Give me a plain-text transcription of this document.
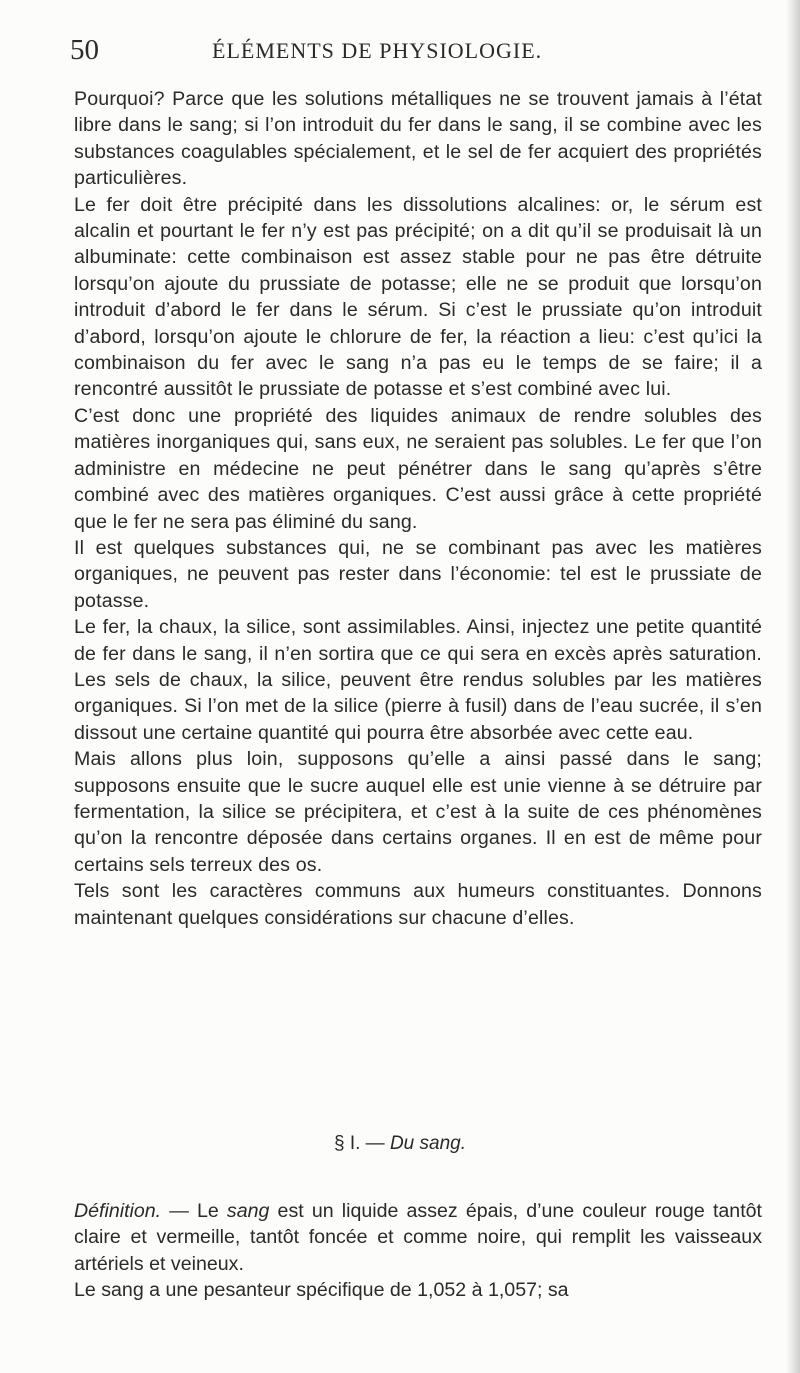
50	ÉLÉMENTS DE PHYSIOLOGIE.

Pourquoi? Parce que les solutions métalliques ne se trouvent jamais à l’état libre dans le sang; si l’on introduit du fer dans le sang, il se combine avec les substances coagulables spécialement, et le sel de fer acquiert des propriétés particulières.

Le fer doit être précipité dans les dissolutions alcalines: or, le sérum est alcalin et pourtant le fer n’y est pas précipité; on a dit qu’il se produisait là un albuminate: cette combinaison est assez stable pour ne pas être détruite lorsqu’on ajoute du prussiate de potasse; elle ne se produit que lorsqu’on introduit d’abord le fer dans le sérum. Si c’est le prussiate qu’on introduit d’abord, lorsqu’on ajoute le chlorure de fer, la réaction a lieu: c’est qu’ici la combinaison du fer avec le sang n’a pas eu le temps de se faire; il a rencontré aussitôt le prussiate de potasse et s’est combiné avec lui.

C’est donc une propriété des liquides animaux de rendre solubles des matières inorganiques qui, sans eux, ne seraient pas solubles. Le fer que l’on administre en médecine ne peut pénétrer dans le sang qu’après s’être combiné avec des matières organiques. C’est aussi grâce à cette propriété que le fer ne sera pas éliminé du sang.

Il est quelques substances qui, ne se combinant pas avec les matières organiques, ne peuvent pas rester dans l’économie: tel est le prussiate de potasse.

Le fer, la chaux, la silice, sont assimilables. Ainsi, injectez une petite quantité de fer dans le sang, il n’en sortira que ce qui sera en excès après saturation. Les sels de chaux, la silice, peuvent être rendus solubles par les matières organiques. Si l’on met de la silice (pierre à fusil) dans de l’eau sucrée, il s’en dissout une certaine quantité qui pourra être absorbée avec cette eau.

Mais allons plus loin, supposons qu’elle a ainsi passé dans le sang; supposons ensuite que le sucre auquel elle est unie vienne à se détruire par fermentation, la silice se précipitera, et c’est à la suite de ces phénomènes qu’on la rencontre déposée dans certains organes. Il en est de même pour certains sels terreux des os.

Tels sont les caractères communs aux humeurs constituantes. Donnons maintenant quelques considérations sur chacune d’elles.

§ I. — Du sang.

Définition. — Le sang est un liquide assez épais, d’une couleur rouge tantôt claire et vermeille, tantôt foncée et comme noire, qui remplit les vaisseaux artériels et veineux.

Le sang a une pesanteur spécifique de 1,052 à 1,057; sa
